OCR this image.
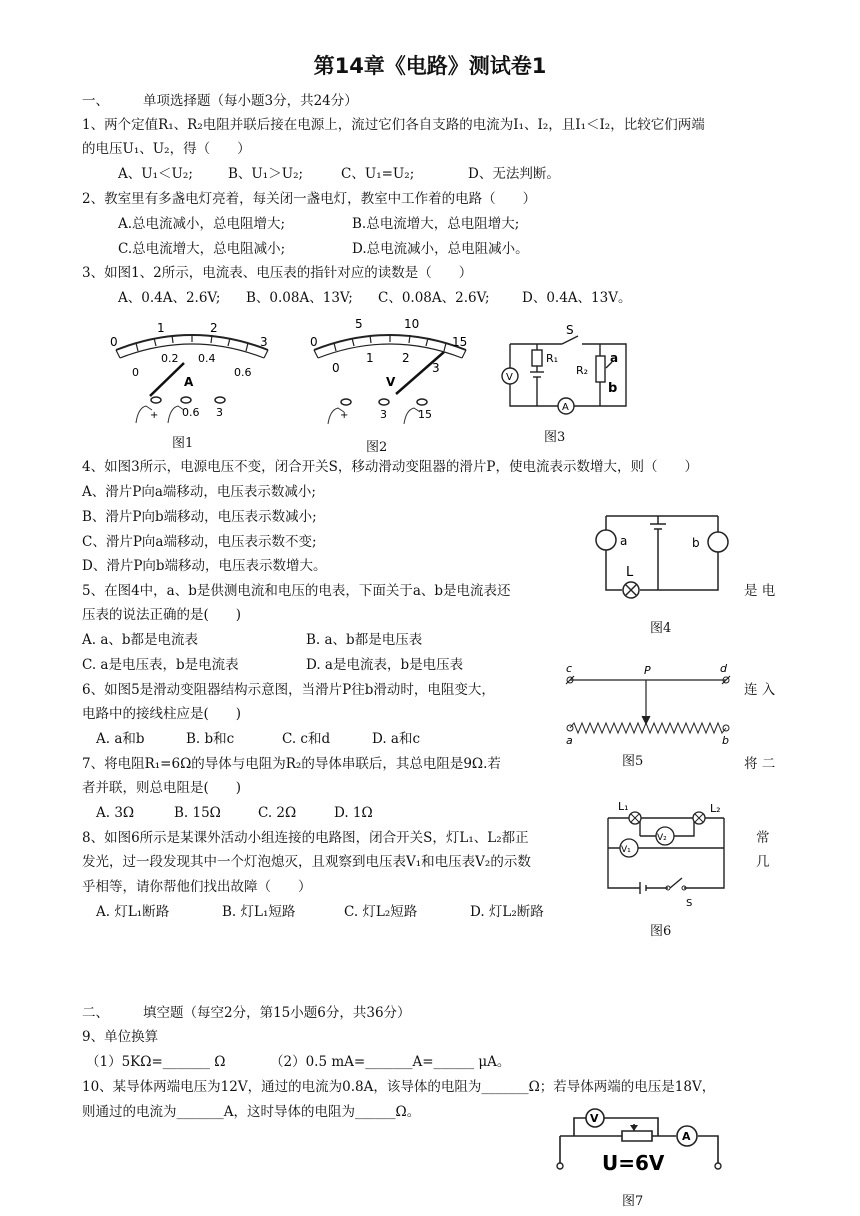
第14章《电路》测试卷1
一、	单项选择题（每小题3分，共24分）
1、两个定值R₁、R₂电阻并联后接在电源上，流过它们各自支路的电流为I₁、I₂，且I₁＜I₂，比较它们两端
的电压U₁、U₂，得（　　）
A、U₁＜U₂;	B、U₁＞U₂;	C、U₁=U₂;	D、无法判断。
2、教室里有多盏电灯亮着，每关闭一盏电灯，教室中工作着的电路（　　）
A.总电流减小，总电阻增大;	B.总电流增大，总电阻增大;
C.总电流增大，总电阻减小;	D.总电流减小，总电阻减小。
3、如图1、2所示，电流表、电压表的指针对应的读数是（　　）
A、0.4A、2.6V; B、0.08A、13V; C、0.08A、2.6V; D、0.4A、13V。
0
1	2
3
0
0.2 0.4
0.6
A
+ 0.6 3
图1
0
5	10
15
0
1 2
3
V
+	3	15
图2
V
A
S
R₁
R₂
a
b
图3
4、如图3所示，电源电压不变，闭合开关S，移动滑动变阻器的滑片P，使电流表示数增大，则（　　）
A、滑片P向a端移动，电压表示数减小;
B、滑片P向b端移动，电压表示数减小;
C、滑片P向a端移动，电压表示数不变;
D、滑片P向b端移动，电压表示数增大。
a	b
L
图4
5、在图4中，a、b是供测电流和电压的电表，下面关于a、b是电流表还	是 电
压表的说法正确的是(　　)
A. a、b都是电流表	B. a、b都是电压表
C. a是电压表，b是电流表	D. a是电流表，b是电压表	c	P	d
a	b
图5
6、如图5是滑动变阻器结构示意图，当滑片P往b滑动时，电阻变大，	连 入
电路中的接线柱应是(　　)
A. a和b	B. b和c	C. c和d	D. a和c
7、将电阻R₁=6Ω的导体与电阻为R₂的导体串联后，其总电阻是9Ω.若	将 二
者并联，则总电阻是(　　)
A. 3Ω	B. 15Ω	C. 2Ω	D. 1Ω	L₁	L₂
V₂
V₁
S
图6
8、如图6所示是某课外活动小组连接的电路图，闭合开关S，灯L₁、L₂都正	常
发光，过一段发现其中一个灯泡熄灭，且观察到电压表V₁和电压表V₂的示数	几
乎相等，请你帮他们找出故障（　　）
A. 灯L₁断路	B. 灯L₁短路	C. 灯L₂短路	D. 灯L₂断路
二、	填空题（每空2分，第15小题6分，共36分）
9、单位换算
（1）5KΩ=_______ Ω	（2）0.5 mA=_______A=______ μA。
10、某导体两端电压为12V，通过的电流为0.8A，该导体的电阻为_______Ω；若导体两端的电压是18V，
则通过的电流为_______A，这时导体的电阻为______Ω。	V
A
U=6V
图7
